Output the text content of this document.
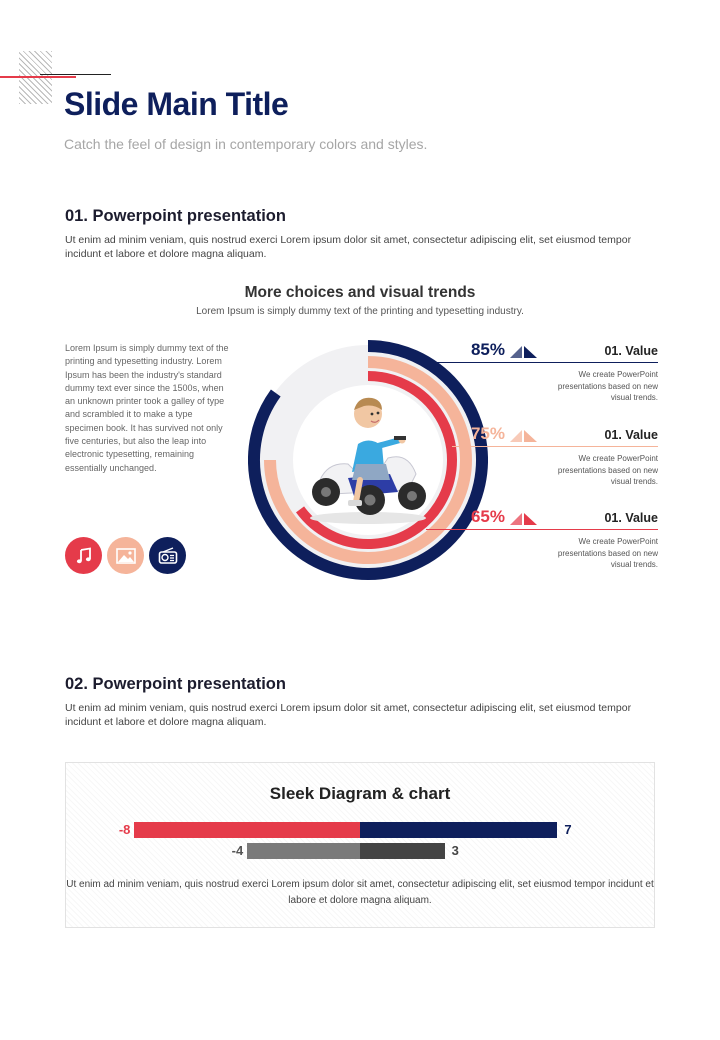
Slide Main Title
Catch the feel of design in contemporary colors and styles.
01. Powerpoint presentation
Ut enim ad minim veniam, quis nostrud exerci Lorem ipsum dolor sit amet, consectetur adipiscing elit, set eiusmod tempor incidunt et labore et dolore magna aliquam.
More choices and visual trends
Lorem Ipsum is simply dummy text of the printing and typesetting industry.
Lorem Ipsum is simply dummy text of the printing and typesetting industry. Lorem Ipsum has been the industry's standard dummy text ever since the 1500s, when an unknown printer took a galley of type and scrambled it to make a type specimen book. It has survived not only five centuries, but also the leap into electronic typesetting, remaining essentially unchanged.
85%	01. Value
We create PowerPoint presentations based on new visual trends.
75%	01. Value
We create PowerPoint presentations based on new visual trends.
65%	01. Value
We create PowerPoint presentations based on new visual trends.
02. Powerpoint presentation
Ut enim ad minim veniam, quis nostrud exerci Lorem ipsum dolor sit amet, consectetur adipiscing elit, set eiusmod tempor incidunt et labore et dolore magna aliquam.
Sleek Diagram & chart
-8	7
-4	3
Ut enim ad minim veniam, quis nostrud exerci Lorem ipsum dolor sit amet, consectetur adipiscing elit, set eiusmod tempor incidunt et labore et dolore magna aliquam.
